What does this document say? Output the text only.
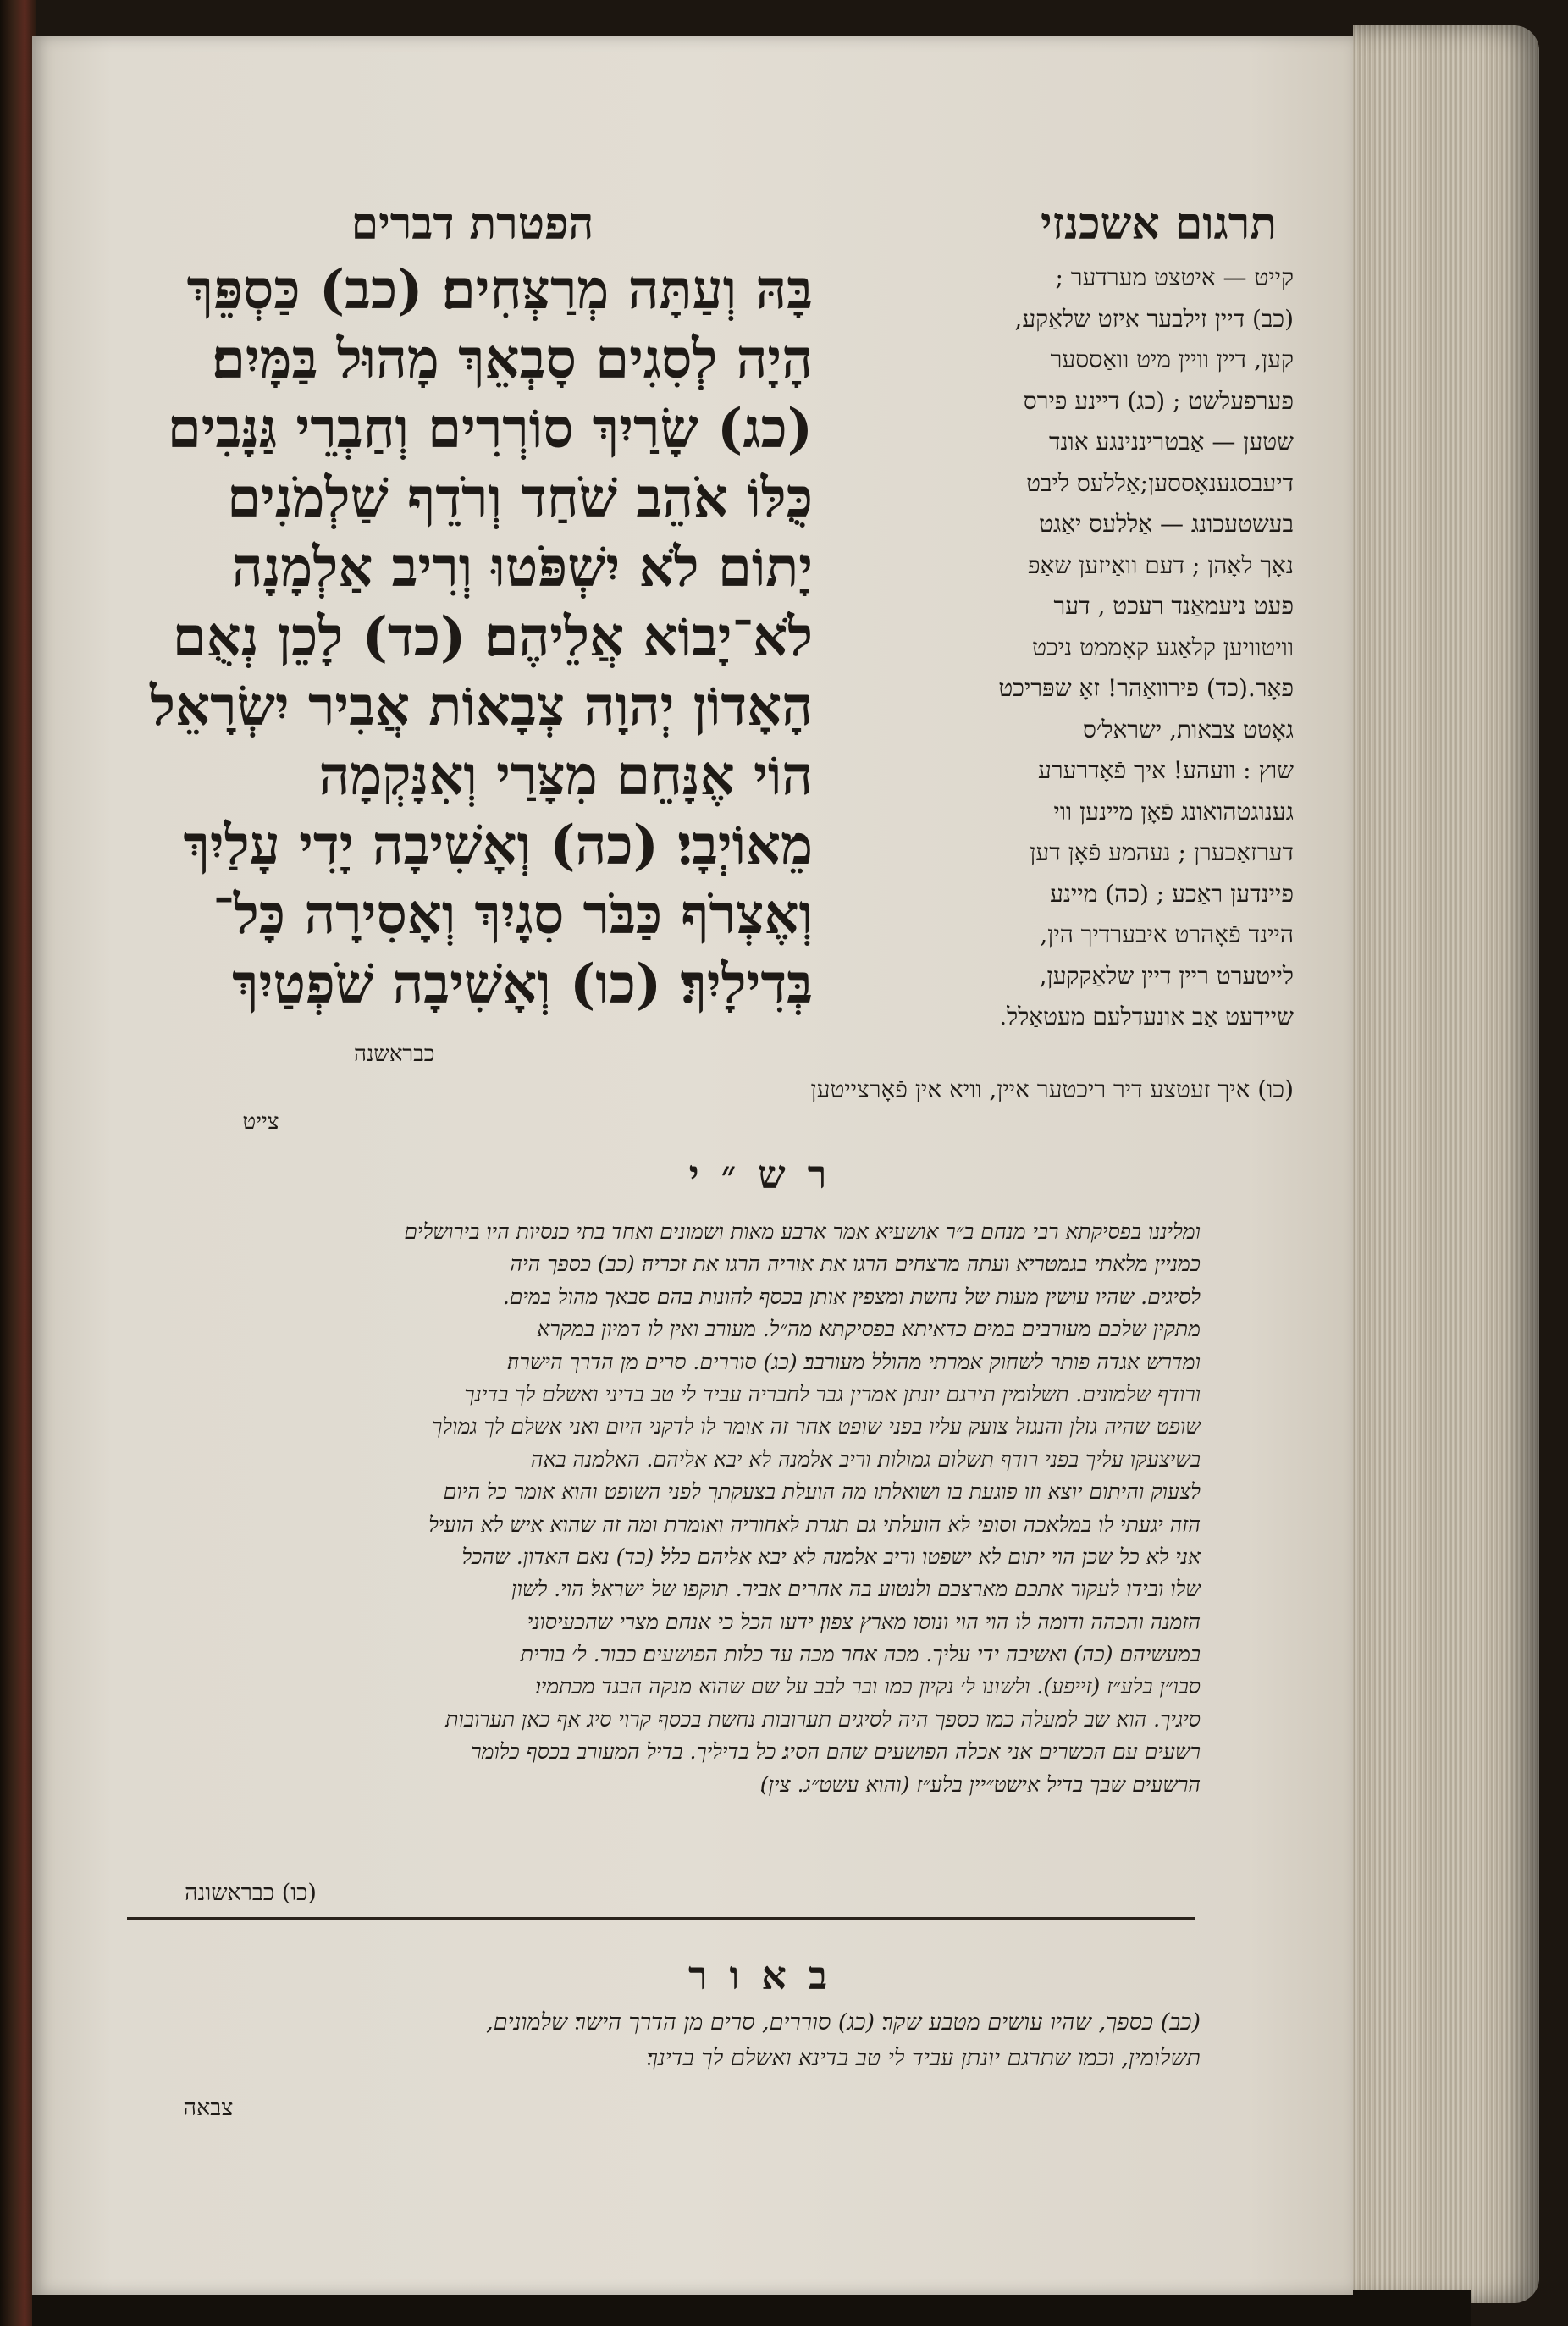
תרגום אשכנזי
הפטרת דברים
בָּהּ וְעַתָּה מְרַצְּחִים׃ (כב) כַּסְפֵּךְ
הָיָה לְסִגִים סָבְאֵךְ מָהוּל בַּמָּיִם׃
(כג) שָׂרַיִךְ סוֹרְרִים וְחַבְרֵי גַּנָּבִים
כֻּלּוֹ אֹהֵב שֹׁחַד וְרֹדֵף שַׁלְמֹנִים
יָתוֹם לֹא יִשְׁפֹּטוּ וְרִיב אַלְמָנָה
לֹא־יָבוֹא אֲלֵיהֶם׃ (כד) לָכֵן נְאֻם
הָאָדוֹן יְהוָה צְבָאוֹת אֲבִיר יִשְׂרָאֵל
הוֹי אֶנָּחֵם מִצָּרַי וְאִנָּקְמָה
מֵאוֹיְבָי׃ (כה) וְאָשִׁיבָה יָדִי עָלַיִךְ
וְאֶצְרֹף כַּבֹּר סִגָיִךְ וְאָסִירָה כָּל־
בְּדִילָיִךְ׃ (כו) וְאָשִׁיבָה שֹׁפְטַיִךְ
כבראשנה
קייט — איטצט מערדער ;
(כב) דיין זילבער איזט שלאַקע,
קען, דיין וויין מיט וואַססער
פערפעלשט ; (כג) דיינע פירס
שטען — אַבטריננינגע אונד
דיעבסגענאָססען;אַללעס ליבט
בעשטעכונג — אַללעס יאַגט
נאָך לאָהן ; דעם וואַיזען שאַפ
פעט ניעמאַנד רעכט , דער
וויטוויען קלאַגע קאָממט ניכט
פאָר.(כד) פירוואַהר! זאָ שפּריכט
גאָטט צבאות, ישראל׳ס
שוץ : וועהע! איך פֿאָדרערע
גענוגטהואונג פֿאָן מיינען ווי
דערזאַכערן ; נעהמע פֿאָן דען
פיינדען ראַכע ; (כה) מיינע
היינד פֿאָהרט איבערדיך הין,
לייטערט ריין דיין שלאַקקען,
שיידעט אַב אונעדלעם מעטאַלל.
(כו) איך זעטצע דיר ריכטער איין, וויא אין פֿאָרצייטען
צייט
רש״י
ומליננו בפסיקתא רבי מנחם ב״ר אושעיא אמר ארבע מאות ושמונים ואחד בתי כנסיות היו בירושלים
כמניין מלאתי בגמטריא ועתה מרצחים הרגו את אוריה הרגו את זכריה׃ (כב) כספך היה
לסיגים. שהיו עושין מעות של נחשת ומצפין אותן בכסף להונות בהם׃ סבאך מהול במים.
מתקין שלכם מעורבים במים כדאיתא בפסיקתא׃ מה״ל. מעורב ואין לו דמיון במקרא
ומדרש אגדה פותר לשחוק אמרתי מהולל מעורבב׃ (כג) סוררים. סרים מן הדרך הישרה׃
ורודף שלמונים. תשלומין תירגם יונתן אמרין גבר לחבריה עביד לי טב בדיני ואשלם לך בדינך
שופט שהיה גזלן והנגזל צועק עליו בפני שופט אחר זה אומר לו לדקני היום ואני אשלם לך גמולך
בשיצעקו עליך בפני רודף תשלום גמולות׃ וריב אלמנה לא יבא אליהם. האלמנה באה
לצעוק והיתום יוצא וזו פוגעת בו ושואלתו מה הועלת בצעקתך לפני השופט והוא אומר כל היום
הזה יגעתי לו במלאכה וסופי לא הועלתי גם תגרת לאחוריה ואומרת ומה זה שהוא איש לא הועיל
אני לא כל שכן הוי יתום לא ישפטו וריב אלמנה לא יבא אליהם כלל׃ (כד) נאם האדון. שהכל
שלו ובידו לעקור אתכם מארצכם ולנטוע בה אחרים׃ אביר. תוקפו של ישראל׃ הוי. לשון
הזמנה והכהה ודומה לו הוי הוי ונוסו מארץ צפון׃ ידעו הכל כי אנחם מצרי שהכעיסוני
במעשיהם׃ (כה) ואשיבה ידי עליך. מכה אחר מכה עד כלות הפושעים׃ כבור. ל׳ בורית
סבו״ן בלע״ז (זייפע). ולשונו ל׳ נקיון כמו ובר לבב על שם שהוא מנקה הבגד מכתמיו׃
סיגיך. הוא שב למעלה כמו כספך היה לסיגים תערובות נחשת בכסף קרוי סיג אף כאן תערובות
רשעים עם הכשרים אני אכלה הפושעים שהם הסיג׃ כל בדיליך. בדיל המעורב בכסף כלומר
הרשעים שבך בדיל אישט״יין בלע״ז (והוא עשט״ג. צין)׃
(כו) כבראשונה
באור
(כב) כספך, שהיו עושים מטבע שקר׃ (כג) סוררים, סרים מן הדרך הישר׃ שלמונים,
תשלומין, וכמו שתרגם יונתן עביד לי טב בדינא ואשלם לך בדינך׃
צבאה
